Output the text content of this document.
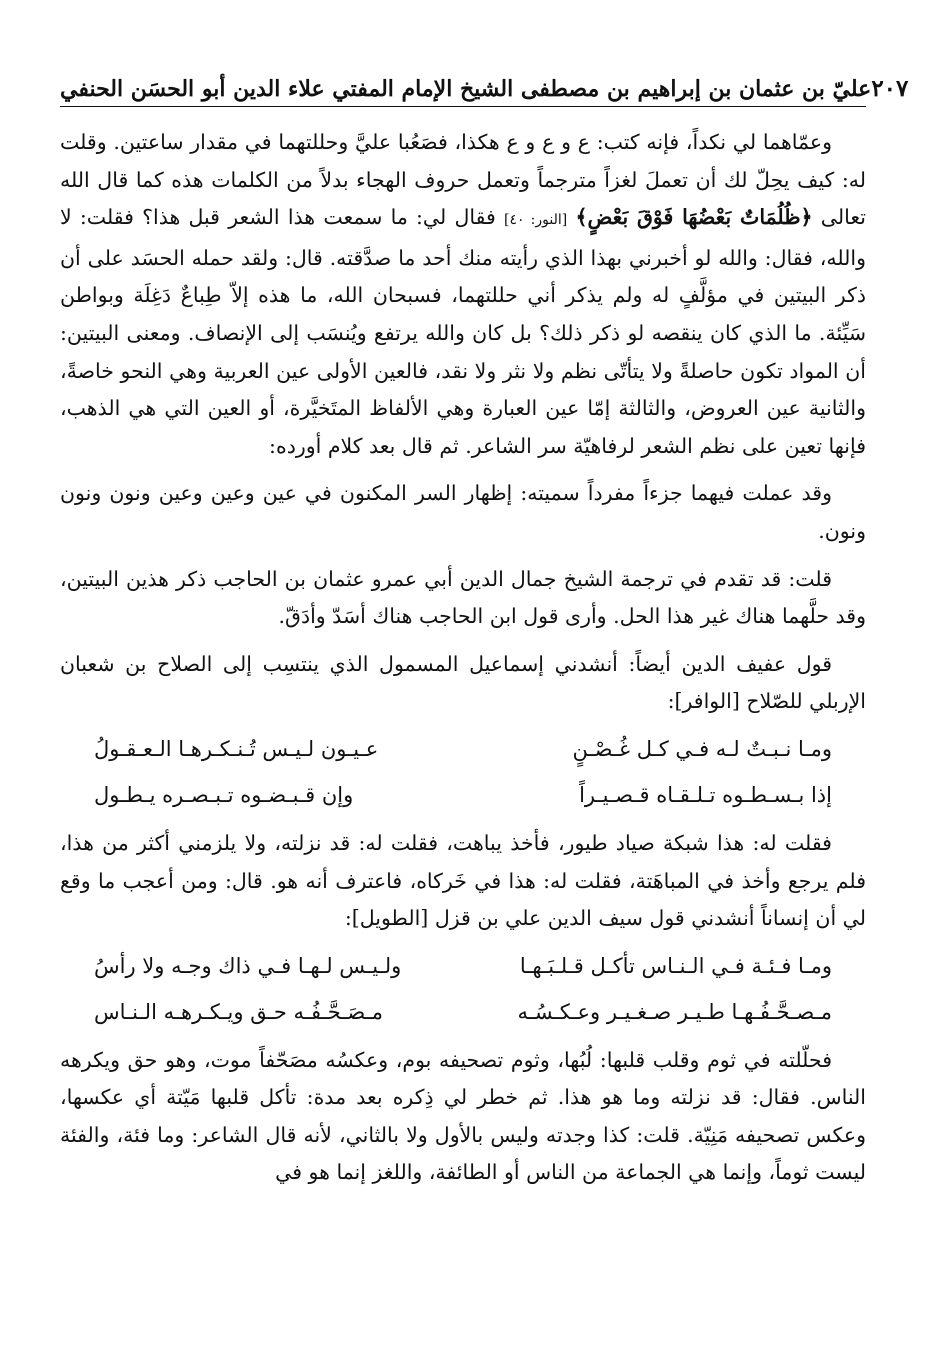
عليّ بن عثمان بن إبراهيم بن مصطفى الشيخ الإمام المفتي علاء الدين أبو الحسَن الحنفي ٢٠٧

وعمّاهما لي نكداً، فإنه كتب: ع و ع و ع هكذا، فصَعُبا عليَّ وحللتهما في مقدار ساعتين. وقلت له: كيف يحِلّ لك أن تعملَ لغزاً مترجماً وتعمل حروف الهجاء بدلاً من الكلمات هذه كما قال الله تعالى ﴿ظُلُمَاتٌ بَعْضُهَا فَوْقَ بَعْضٍ﴾ [النور: ٤٠] فقال لي: ما سمعت هذا الشعر قبل هذا؟ فقلت: لا والله، فقال: والله لو أخبرني بهذا الذي رأيته منك أحد ما صدَّقته. قال: ولقد حمله الحسَد على أن ذكر البيتين في مؤلَّفٍ له ولم يذكر أني حللتهما، فسبحان الله، ما هذه إلاّ طِباعٌ دَغِلَة وبواطن سَيِّئة. ما الذي كان ينقصه لو ذكر ذلك؟ بل كان والله يرتفع ويُنسَب إلى الإنصاف. ومعنى البيتين: أن المواد تكون حاصلةً ولا يتأتّى نظم ولا نثر ولا نقد، فالعين الأولى عين العربية وهي النحو خاصةً، والثانية عين العروض، والثالثة إمّا عين العبارة وهي الألفاظ المتَخيَّرة، أو العين التي هي الذهب، فإنها تعين على نظم الشعر لرفاهيّة سر الشاعر. ثم قال بعد كلام أورده:

وقد عملت فيهما جزءاً مفرداً سميته: إظهار السر المكنون في عين وعين وعين ونون ونون ونون.

قلت: قد تقدم في ترجمة الشيخ جمال الدين أبي عمرو عثمان بن الحاجب ذكر هذين البيتين، وقد حلَّهما هناك غير هذا الحل. وأرى قول ابن الحاجب هناك أسَدّ وأدَقّ.

قول عفيف الدين أيضاً: أنشدني إسماعيل المسمول الذي ينتسِب إلى الصلاح بن شعبان الإربلي للصّلاح [الوافر]:

ومـا نـبـتٌ لـه فـي كـل غُـصْـنٍ
عـيـون لـيـس تُـنـكـرهـا الـعـقـولُ
إذا بـسـطـوه تـلـقـاه قـصـيـراً
وإن قـبـضـوه تـبـصـره يـطـول

فقلت له: هذا شبكة صياد طيور، فأخذ يباهت، فقلت له: قد نزلته، ولا يلزمني أكثر من هذا، فلم يرجع وأخذ في المباهَتة، فقلت له: هذا في خَركاه، فاعترف أنه هو. قال: ومن أعجب ما وقع لي أن إنساناً أنشدني قول سيف الدين علي بن قزل [الطويل]:

ومـا فـئـة فـي الـنـاس تأكـل قـلـبَـهـا
ولـيـس لـهـا فـي ذاك وجـه ولا رأسُ
مـصـحَّـفُـهـا طـيـر صـغـيـر وعـكـسُـه
مـصَـحَّـفُـه حـق ويـكـرهـه الـنـاس

فحلّلته في ثوم وقلب قلبها: لُبُها، وثوم تصحيفه بوم، وعكسُه مصَحّفاً موت، وهو حق ويكرهه الناس. فقال: قد نزلته وما هو هذا. ثم خطر لي ذِكره بعد مدة: تأكل قلبها مَيّتة أي عكسها، وعكس تصحيفه مَنِيّة. قلت: كذا وجدته وليس بالأول ولا بالثاني، لأنه قال الشاعر: وما فئة، والفئة ليست ثوماً، وإنما هي الجماعة من الناس أو الطائفة، واللغز إنما هو في
